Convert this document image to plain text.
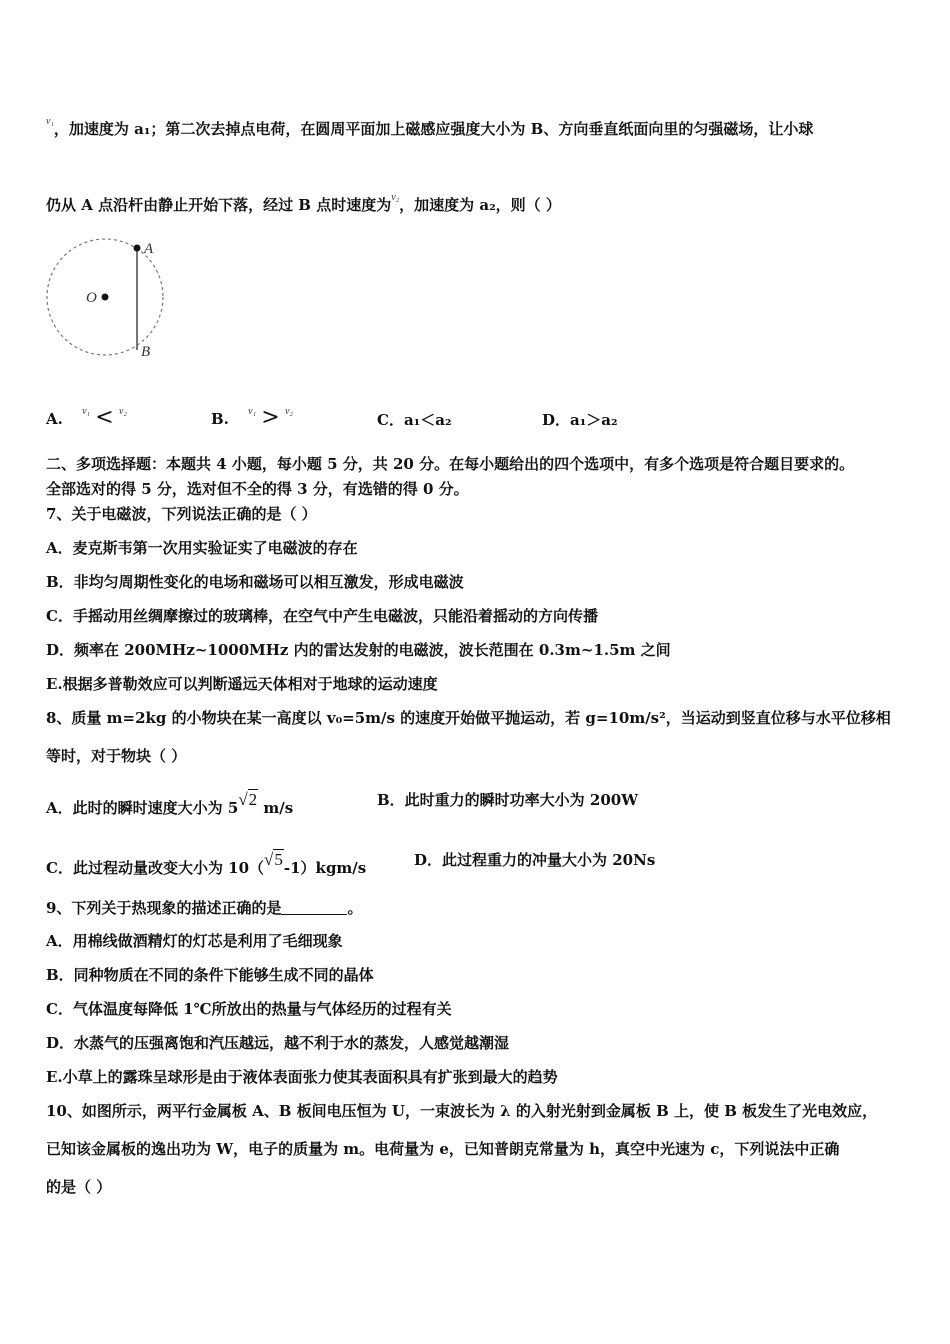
$^{v_1}$，加速度为 a₁；第二次去掉点电荷，在圆周平面加上磁感应强度大小为 B、方向垂直纸面向里的匀强磁场，让小球
仍从 A 点沿杆由静止开始下落，经过 B 点时速度为$^{v_2}$，加速度为 a₂，则（ ）
A
B
O
A. $^{v_1}$ < $^{v_2}$	B. $^{v_1}$ > $^{v_2}$	C．a₁＜a₂	D．a₁＞a₂
二、多项选择题：本题共 4 小题，每小题 5 分，共 20 分。在每小题给出的四个选项中，有多个选项是符合题目要求的。
全部选对的得 5 分，选对但不全的得 3 分，有选错的得 0 分。
7、关于电磁波，下列说法正确的是（ ）
A．麦克斯韦第一次用实验证实了电磁波的存在
B．非均匀周期性变化的电场和磁场可以相互激发，形成电磁波
C．手摇动用丝绸摩擦过的玻璃棒，在空气中产生电磁波，只能沿着摇动的方向传播
D．频率在 200MHz~1000MHz 内的雷达发射的电磁波，波长范围在 0.3m~1.5m 之间
E.根据多普勒效应可以判断遥远天体相对于地球的运动速度
8、质量 m=2kg 的小物块在某一高度以 v₀=5m/s 的速度开始做平抛运动，若 g=10m/s²，当运动到竖直位移与水平位移相
等时，对于物块（ ）
A．此时的瞬时速度大小为 5√2 m/s	B．此时重力的瞬时功率大小为 200W
C．此过程动量改变大小为 10（√5-1）kgm/s	D．此过程重力的冲量大小为 20Ns
9、下列关于热现象的描述正确的是	。
A．用棉线做酒精灯的灯芯是利用了毛细现象
B．同种物质在不同的条件下能够生成不同的晶体
C．气体温度每降低 1℃所放出的热量与气体经历的过程有关
D．水蒸气的压强离饱和汽压越远，越不利于水的蒸发，人感觉越潮湿
E.小草上的露珠呈球形是由于液体表面张力使其表面积具有扩张到最大的趋势
10、如图所示，两平行金属板 A、B 板间电压恒为 U，一束波长为 λ 的入射光射到金属板 B 上，使 B 板发生了光电效应，
已知该金属板的逸出功为 W，电子的质量为 m。电荷量为 e，已知普朗克常量为 h，真空中光速为 c，下列说法中正确
的是（ ）
